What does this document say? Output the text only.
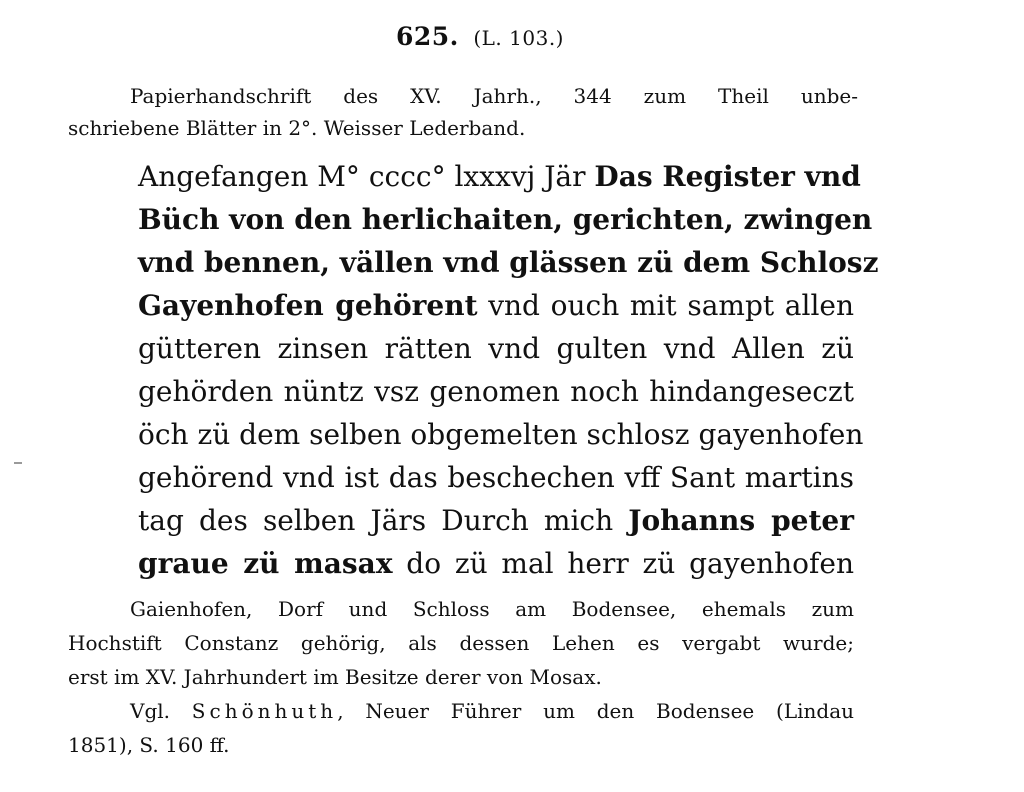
625. (L. 103.)
Papierhandschrift des XV. Jahrh., 344 zum Theil unbe-
schriebene Blätter in 2°. Weisser Lederband.
Angefangen M° cccc° lxxxvj Jär Das Register vnd
Büch von den herlichaiten, gerichten, zwingen
vnd bennen, vällen vnd glässen zü dem Schlosz
Gayenhofen gehörent vnd ouch mit sampt allen
gütteren zinsen rätten vnd gulten vnd Allen zü
gehörden nüntz vsz genomen noch hindangeseczt
öch zü dem selben obgemelten schlosz gayenhofen
gehörend vnd ist das beschechen vff Sant martins
tag des selben Järs Durch mich Johanns peter
graue zü masax do zü mal herr zü gayenhofen
Gaienhofen, Dorf und Schloss am Bodensee, ehemals zum
Hochstift Constanz gehörig, als dessen Lehen es vergabt wurde;
erst im XV. Jahrhundert im Besitze derer von Mosax.
Vgl. Schönhuth, Neuer Führer um den Bodensee (Lindau
1851), S. 160 ff.
